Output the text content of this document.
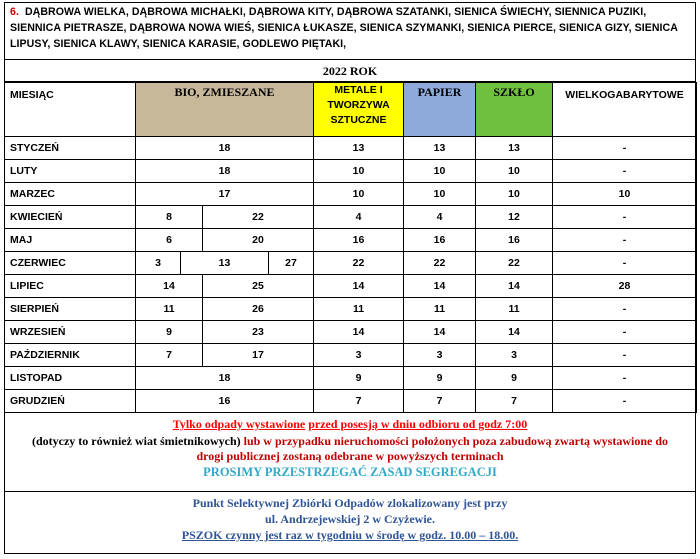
6. DĄBROWA WIELKA, DĄBROWA MICHAŁKI, DĄBROWA KITY, DĄBROWA SZATANKI, SIENICA ŚWIECHY, SIENNICA PUZIKI,
SIENNICA PIETRASZE, DĄBROWA NOWA WIEŚ, SIENICA ŁUKASZE, SIENICA SZYMANKI, SIENICA PIERCE, SIENICA GIZY, SIENICA
LIPUSY, SIENICA KLAWY, SIENICA KARASIE, GODLEWO PIĘTAKI,
2022 ROK
MIESIĄC	BIO, ZMIESZANE				METALE I
TWORZYWA
SZTUCZNE	PAPIER	SZKŁO	WIELKOGABARYTOWE
STYCZEŃ	18				13	13	13	-
LUTY	18				10	10	10	-
MARZEC	17				10	10	10	10
KWIECIEŃ	8		22		4	4	12	-
MAJ	6		20		16	16	16	-
CZERWIEC	3	13		27	22	22	22	-
LIPIEC	14		25		14	14	14	28
SIERPIEŃ	11		26		11	11	11	-
WRZESIEŃ	9		23		14	14	14	-
PAŹDZIERNIK	7		17		3	3	3	-
LISTOPAD	18				9	9	9	-
GRUDZIEŃ	16				7	7	7	-
Tylko odpady wystawione przed posesją w dniu odbioru od godz 7:00
(dotyczy to również wiat śmietnikowych) lub w przypadku nieruchomości położonych poza zabudową zwartą wystawione do
drogi publicznej zostaną odebrane w powyższych terminach
PROSIMY PRZESTRZEGAĆ ZASAD SEGREGACJI
Punkt Selektywnej Zbiórki Odpadów zlokalizowany jest przy
ul. Andrzejewskiej 2 w Czyżewie.
PSZOK czynny jest raz w tygodniu w środę w godz. 10.00 – 18.00.
